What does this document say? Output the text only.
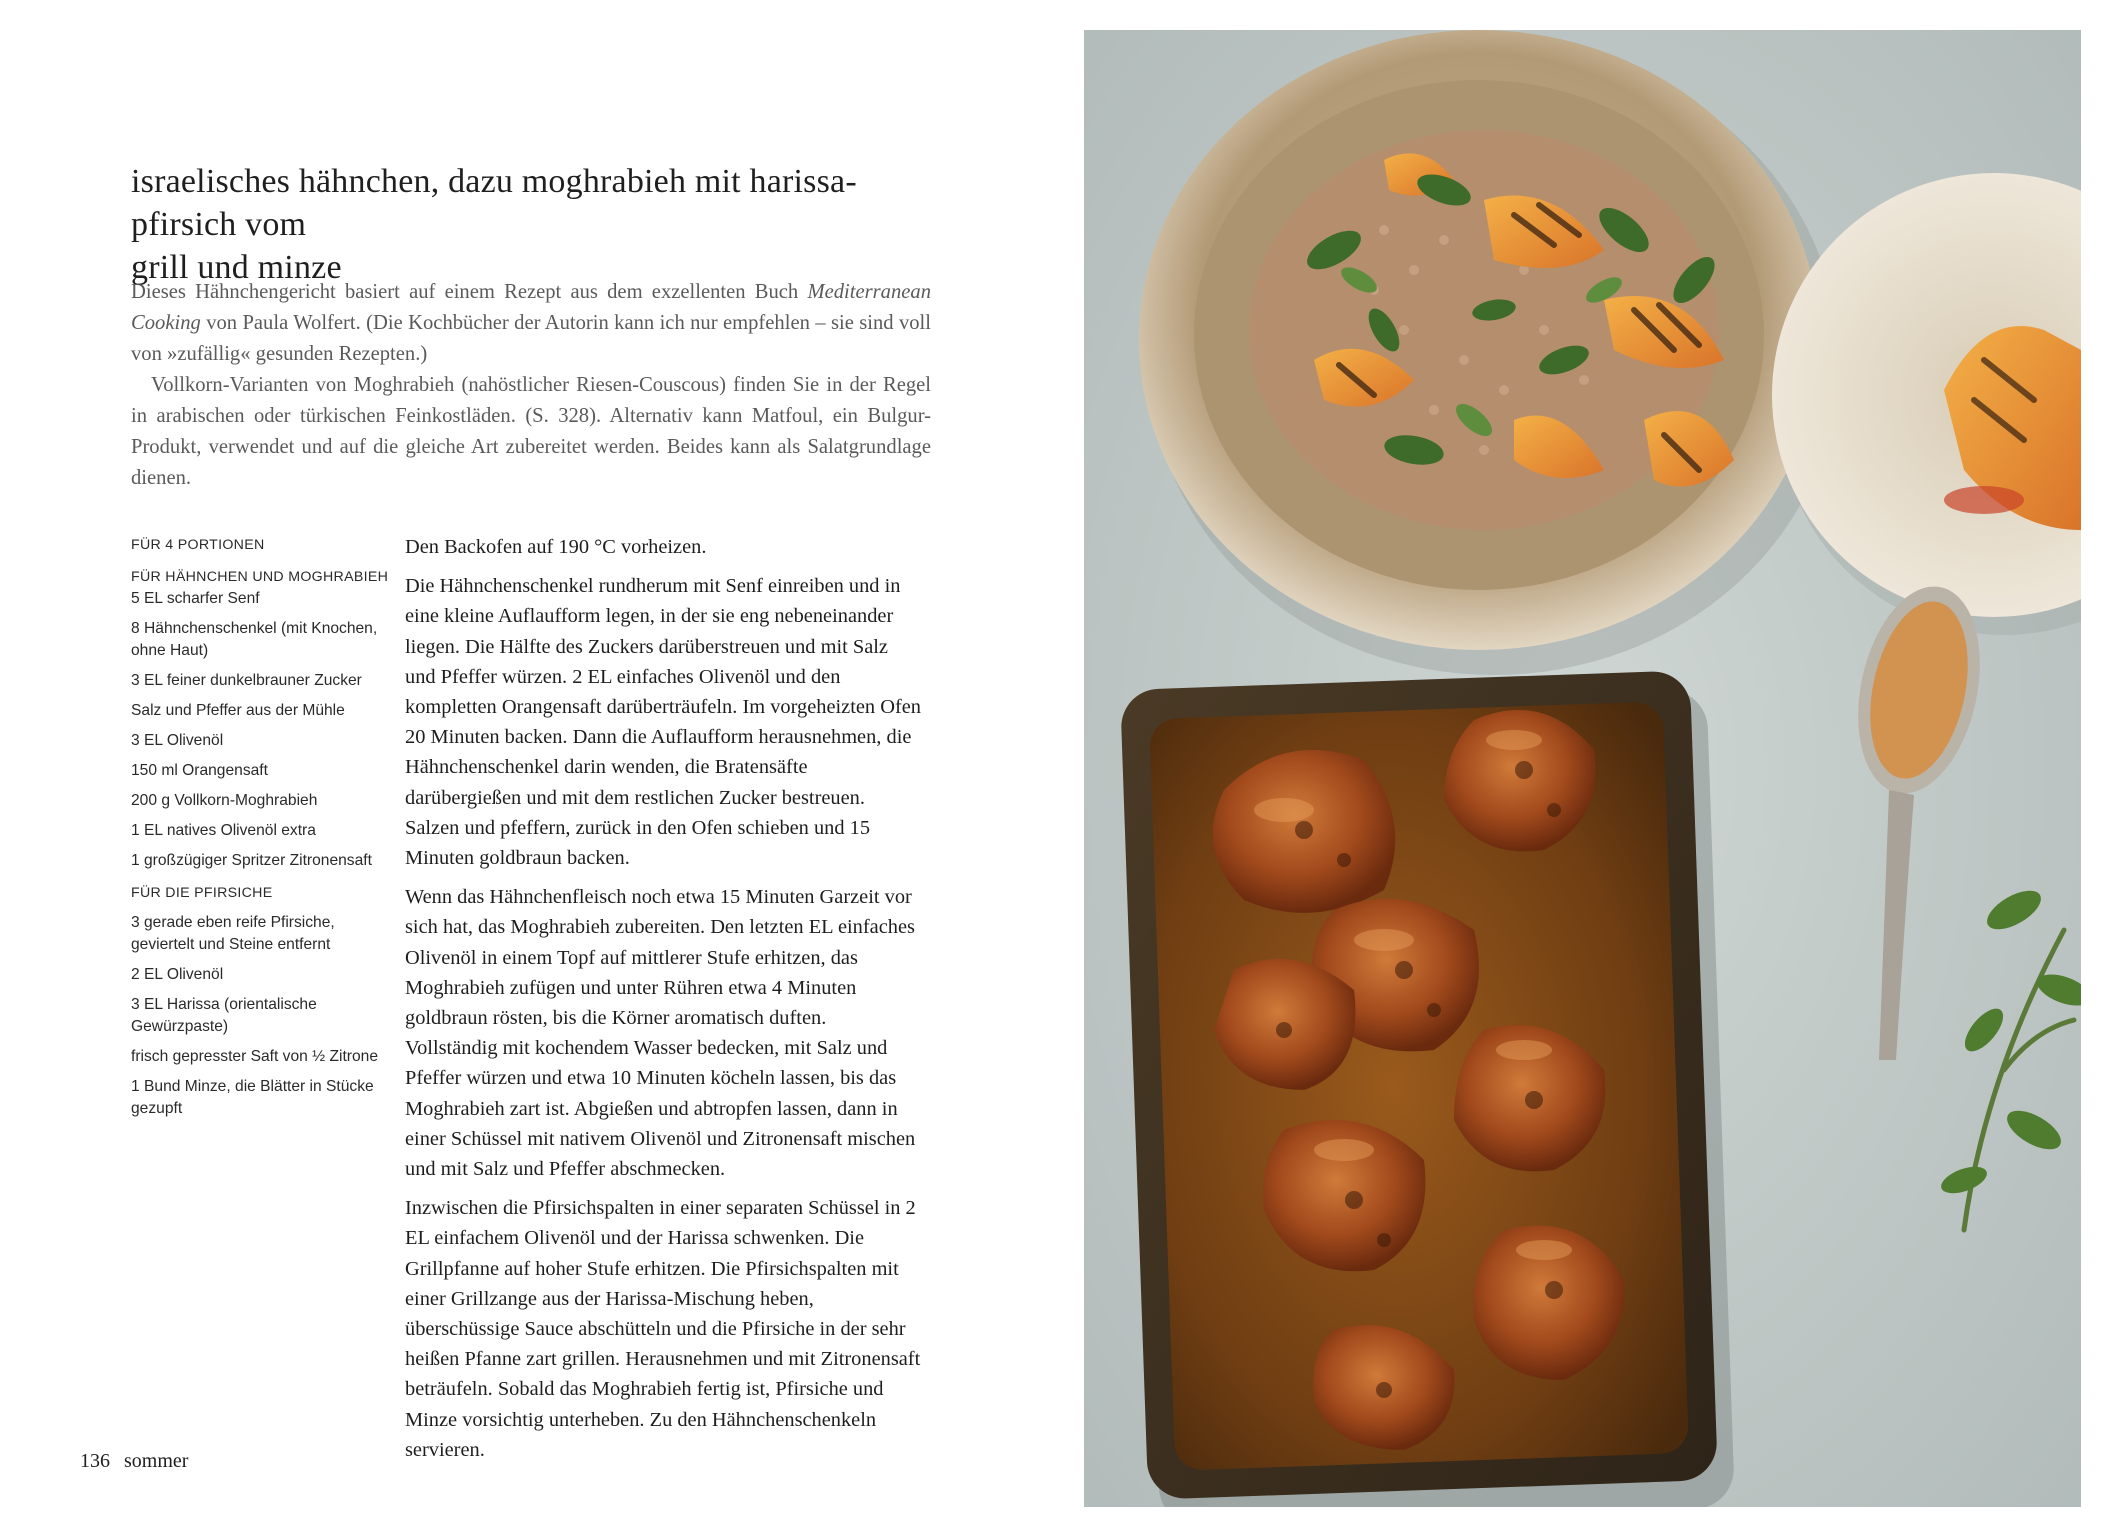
israelisches hähnchen, dazu moghrabieh mit harissa-pfirsich vom
grill und minze

Dieses Hähnchengericht basiert auf einem Rezept aus dem exzellenten Buch Mediterranean Cooking von Paula Wolfert. (Die Kochbücher der Autorin kann ich nur empfehlen – sie sind voll von »zufällig« gesunden Rezepten.)

Vollkorn-Varianten von Moghrabieh (nahöstlicher Riesen-Couscous) finden Sie in der Regel in arabischen oder türkischen Feinkostläden. (S. 328). Alternativ kann Matfoul, ein Bulgur-Produkt, verwendet und auf die gleiche Art zubereitet werden. Beides kann als Salatgrundlage dienen.

FÜR 4 PORTIONEN
FÜR HÄHNCHEN UND MOGHRABIEH
5 EL scharfer Senf
8 Hähnchenschenkel (mit Knochen, ohne Haut)
3 EL feiner dunkelbrauner Zucker
Salz und Pfeffer aus der Mühle
3 EL Olivenöl
150 ml Orangensaft
200 g Vollkorn-Moghrabieh
1 EL natives Olivenöl extra
1 großzügiger Spritzer Zitronensaft
FÜR DIE PFIRSICHE
3 gerade eben reife Pfirsiche, geviertelt und Steine entfernt
2 EL Olivenöl
3 EL Harissa (orientalische Gewürzpaste)
frisch gepresster Saft von ½ Zitrone
1 Bund Minze, die Blätter in Stücke gezupft

Den Backofen auf 190 °C vorheizen.

Die Hähnchenschenkel rundherum mit Senf einreiben und in eine kleine Auflaufform legen, in der sie eng nebeneinander liegen. Die Hälfte des Zuckers darüberstreuen und mit Salz und Pfeffer würzen. 2 EL einfaches Olivenöl und den kompletten Orangensaft darüberträufeln. Im vorgeheizten Ofen 20 Minuten backen. Dann die Auflaufform herausnehmen, die Hähnchenschenkel darin wenden, die Bratensäfte darübergießen und mit dem restlichen Zucker bestreuen. Salzen und pfeffern, zurück in den Ofen schieben und 15 Minuten goldbraun backen.

Wenn das Hähnchenfleisch noch etwa 15 Minuten Garzeit vor sich hat, das Moghrabieh zubereiten. Den letzten EL einfaches Olivenöl in einem Topf auf mittlerer Stufe erhitzen, das Moghrabieh zufügen und unter Rühren etwa 4 Minuten goldbraun rösten, bis die Körner aromatisch duften. Vollständig mit kochendem Wasser bedecken, mit Salz und Pfeffer würzen und etwa 10 Minuten köcheln lassen, bis das Moghrabieh zart ist. Abgießen und abtropfen lassen, dann in einer Schüssel mit nativem Olivenöl und Zitronensaft mischen und mit Salz und Pfeffer abschmecken.

Inzwischen die Pfirsichspalten in einer separaten Schüssel in 2 EL einfachem Olivenöl und der Harissa schwenken. Die Grillpfanne auf hoher Stufe erhitzen. Die Pfirsichspalten mit einer Grillzange aus der Harissa-Mischung heben, überschüssige Sauce abschütteln und die Pfirsiche in der sehr heißen Pfanne zart grillen. Herausnehmen und mit Zitronensaft beträufeln. Sobald das Moghrabieh fertig ist, Pfirsiche und Minze vorsichtig unterheben. Zu den Hähnchenschenkeln servieren.

136 sommer
